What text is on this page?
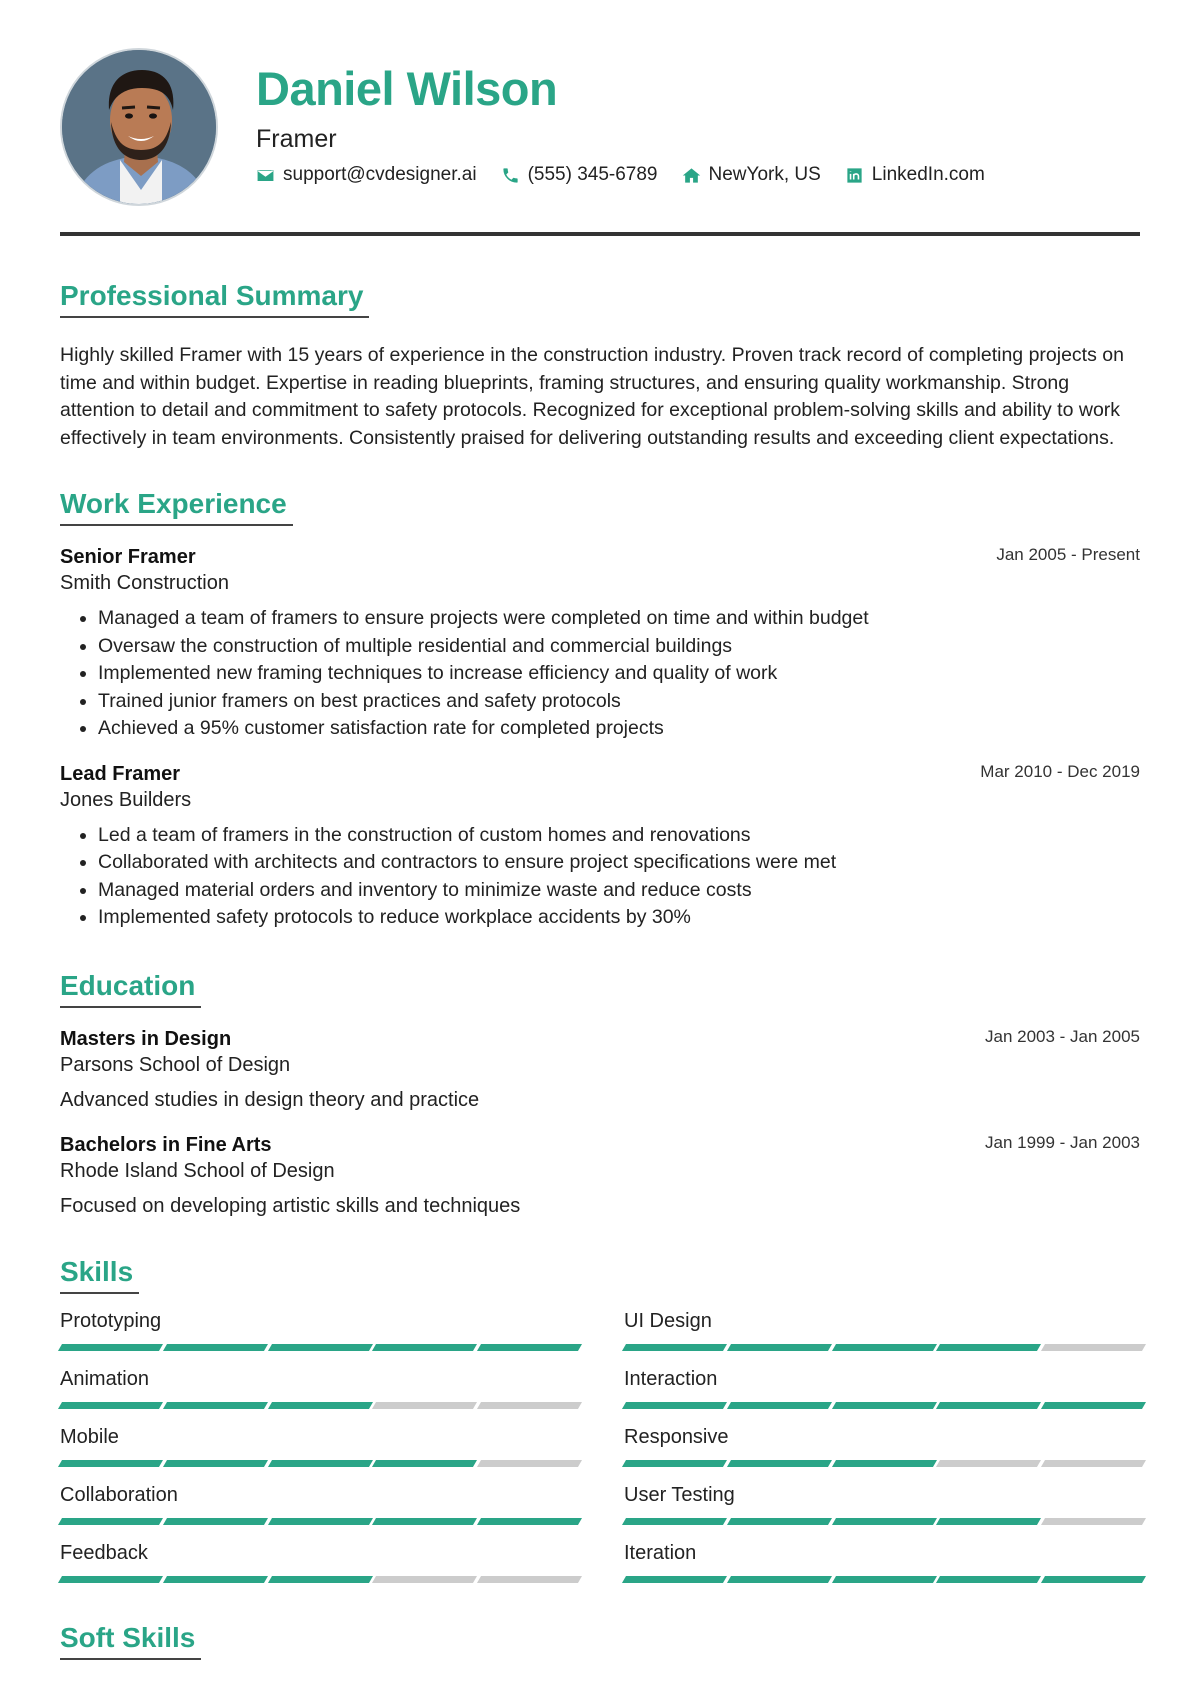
Daniel Wilson
Framer
support@cvdesigner.ai	(555) 345-6789	NewYork, US	LinkedIn.com
Professional Summary

Highly skilled Framer with 15 years of experience in the construction industry. Proven track record of completing projects on time and within budget. Expertise in reading blueprints, framing structures, and ensuring quality workmanship. Strong attention to detail and commitment to safety protocols. Recognized for exceptional problem-solving skills and ability to work effectively in team environments. Consistently praised for delivering outstanding results and exceeding client expectations.

Work Experience
Senior Framer	Jan 2005 - Present
Smith Construction
• Managed a team of framers to ensure projects were completed on time and within budget
• Oversaw the construction of multiple residential and commercial buildings
• Implemented new framing techniques to increase efficiency and quality of work
• Trained junior framers on best practices and safety protocols
• Achieved a 95% customer satisfaction rate for completed projects
Lead Framer	Mar 2010 - Dec 2019
Jones Builders
• Led a team of framers in the construction of custom homes and renovations
• Collaborated with architects and contractors to ensure project specifications were met
• Managed material orders and inventory to minimize waste and reduce costs
• Implemented safety protocols to reduce workplace accidents by 30%
Education
Masters in Design	Jan 2003 - Jan 2005
Parsons School of Design
Advanced studies in design theory and practice
Bachelors in Fine Arts	Jan 1999 - Jan 2003
Rhode Island School of Design
Focused on developing artistic skills and techniques
Skills
Prototyping	UI Design
Animation	Interaction
Mobile	Responsive
Collaboration	User Testing
Feedback	Iteration
Soft Skills
